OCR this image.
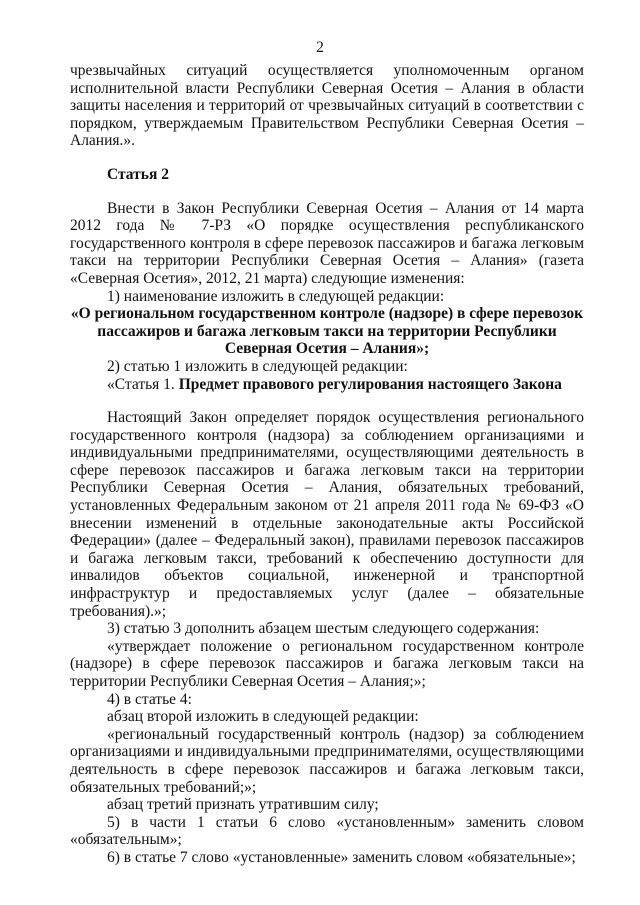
2

чрезвычайных ситуаций осуществляется уполномоченным органом исполнительной власти Республики Северная Осетия – Алания в области защиты населения и территорий от чрезвычайных ситуаций в соответствии с порядком, утверждаемым Правительством Республики Северная Осетия – Алания.».

Статья 2

Внести в Закон Республики Северная Осетия – Алания от 14 марта 2012 года № 7-РЗ «О порядке осуществления республиканского государственного контроля в сфере перевозок пассажиров и багажа легковым такси на территории Республики Северная Осетия – Алания» (газета «Северная Осетия», 2012, 21 марта) следующие изменения:

1) наименование изложить в следующей редакции:

«О региональном государственном контроле (надзоре) в сфере перевозок пассажиров и багажа легковым такси на территории Республики Северная Осетия – Алания»;

2) статью 1 изложить в следующей редакции:

«Статья 1. Предмет правового регулирования настоящего Закона

Настоящий Закон определяет порядок осуществления регионального государственного контроля (надзора) за соблюдением организациями и индивидуальными предпринимателями, осуществляющими деятельность в сфере перевозок пассажиров и багажа легковым такси на территории Республики Северная Осетия – Алания, обязательных требований, установленных Федеральным законом от 21 апреля 2011 года № 69-ФЗ «О внесении изменений в отдельные законодательные акты Российской Федерации» (далее – Федеральный закон), правилами перевозок пассажиров и багажа легковым такси, требований к обеспечению доступности для инвалидов объектов социальной, инженерной и транспортной инфраструктур и предоставляемых услуг (далее – обязательные требования).»;

3) статью 3 дополнить абзацем шестым следующего содержания:

«утверждает положение о региональном государственном контроле (надзоре) в сфере перевозок пассажиров и багажа легковым такси на территории Республики Северная Осетия – Алания;»;

4) в статье 4:

абзац второй изложить в следующей редакции:

«региональный государственный контроль (надзор) за соблюдением организациями и индивидуальными предпринимателями, осуществляющими деятельность в сфере перевозок пассажиров и багажа легковым такси, обязательных требований;»;

абзац третий признать утратившим силу;

5) в части 1 статьи 6 слово «установленным» заменить словом «обязательным»;

6) в статье 7 слово «установленные» заменить словом «обязательные»;
